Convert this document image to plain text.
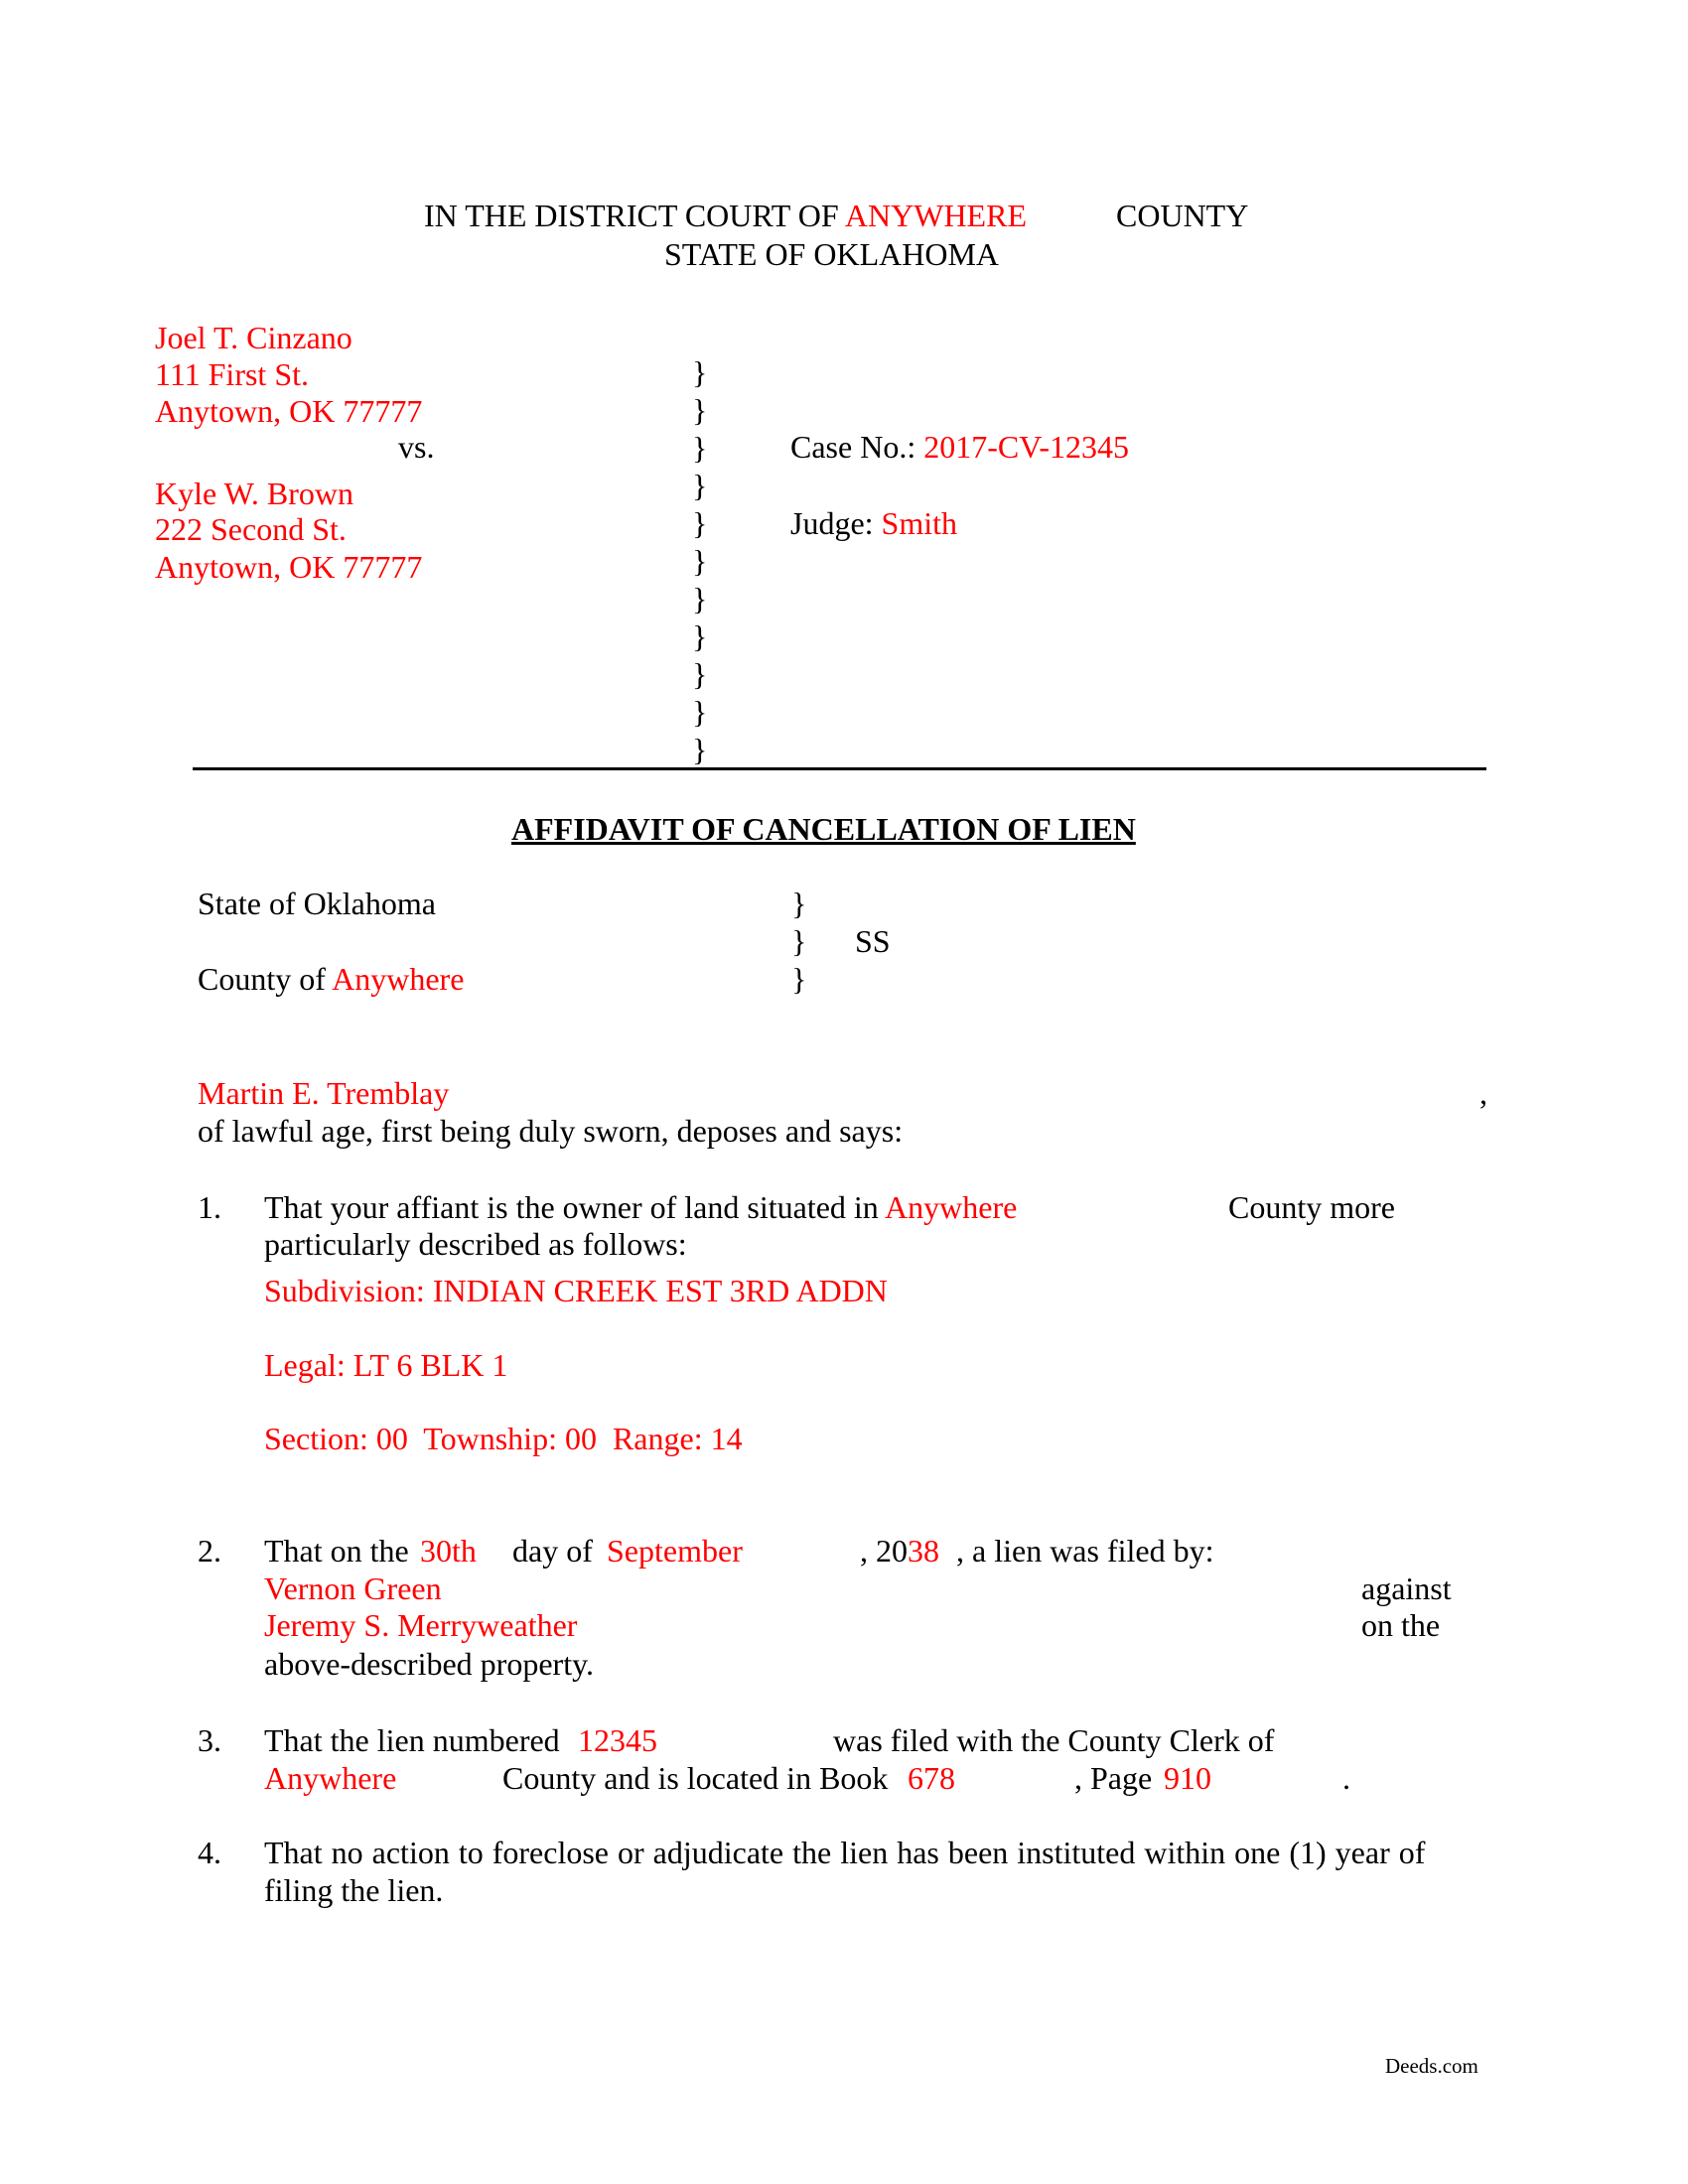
IN THE DISTRICT COURT OF ANYWHERE	COUNTY
STATE OF OKLAHOMA
Joel T. Cinzano
111 First St.
Anytown, OK 77777
vs.
Kyle W. Brown
222 Second St.
Anytown, OK 77777
}
}
}
}
}
}
}
}
}
}
}
Case No.: 2017-CV-12345
Judge: Smith
AFFIDAVIT OF CANCELLATION OF LIEN
State of Oklahoma	}
} SS
}
County of Anywhere
Martin E. Tremblay	,
of lawful age, first being duly sworn, deposes and says:
1. That your affiant is the owner of land situated in Anywhere	County more
particularly described as follows:
Subdivision: INDIAN CREEK EST 3RD ADDN
Legal: LT 6 BLK 1
Section: 00  Township: 00  Range: 14
2. That on the 30th day of September	, 2038 , a lien was filed by:
Vernon Green	against
Jeremy S. Merryweather	on the
above-described property.
3. That the lien numbered 12345	was filed with the County Clerk of
Anywhere	County and is located in Book 678	, Page 910	.
4. That no action to foreclose or adjudicate the lien has been instituted within one (1) year of
filing the lien.
Deeds.com
